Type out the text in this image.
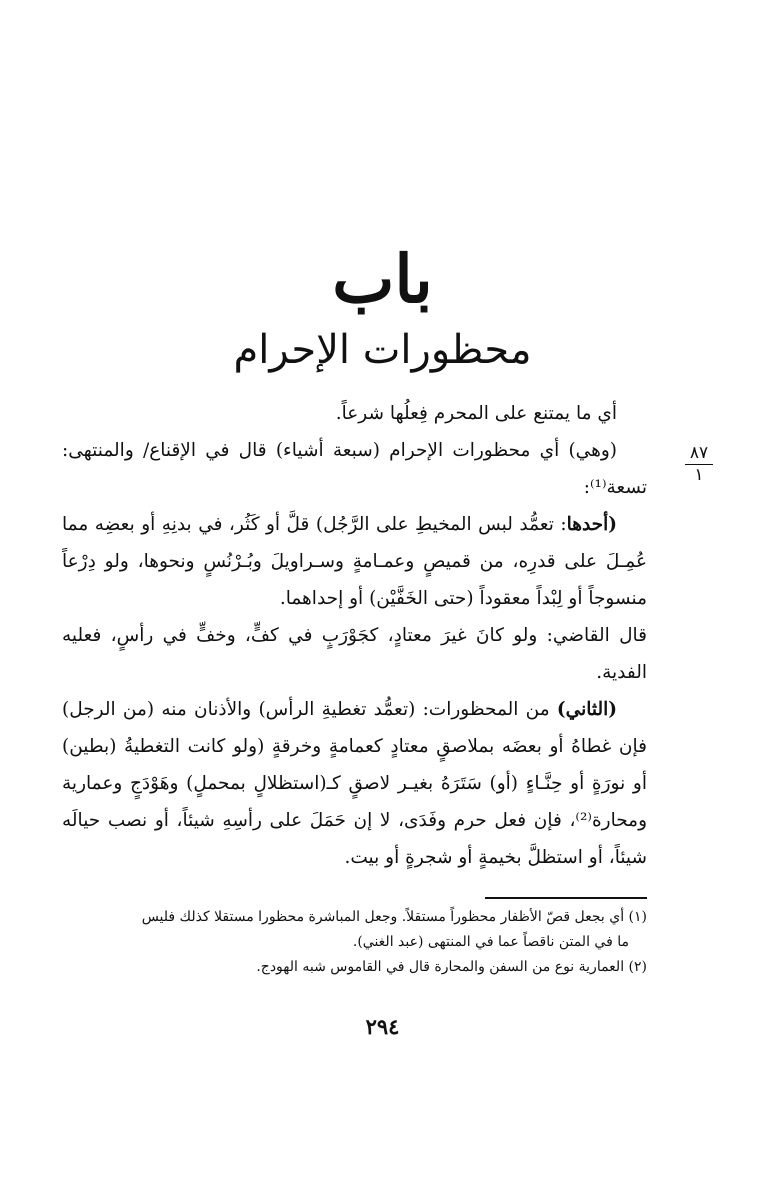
باب
محظورات الإحرام
٨٧
١

أي ما يمتنع على المحرم فِعلُها شرعاً.

(وهي) أي محظورات الإحرام (سبعة أشياء) قال في الإقناع/ والمنتهى: تسعة⁽¹⁾:

(أحدها: تعمُّد لبس المخيطِ على الرَّجُل) قلَّ أو كَثُر، في بدنِهِ أو بعضِه مما عُمِـلَ على قدرِه، من قميصٍ وعمـامةٍ وسـراويلَ وبُـرْنُسٍ ونحوها، ولو دِرْعاً منسوجاً أو لِبْداً معقوداً (حتى الخَفَّيْن) أو إحداهما.

قال القاضي: ولو كانَ غيرَ معتادٍ، كجَوْرَبٍ في كفٍّ، وخفٍّ في رأسٍ، فعليه الفدية.

(الثاني) من المحظورات: (تعمُّد تغطيةِ الرأس) والأذنان منه (من الرجل) فإن غطاهُ أو بعضَه بملاصقٍ معتادٍ كعمامةٍ وخرقةٍ (ولو كانت التغطيةُ (بطين) أو نورَةٍ أو حِنَّـاءٍ (أو) سَتَرَهُ بغيـر لاصقٍ كـ(استظلالٍ بمحملٍ) وهَوْدَجٍ وعمارية ومحارة⁽²⁾، فإن فعل حرم وفَدَى، لا إن حَمَلَ على رأسِهِ شيئاً، أو نصب حيالَه شيئاً، أو استظلَّ بخيمةٍ أو شجرةٍ أو بيت.

(١) أي بجعل قصّ الأظفار محظوراً مستقلاً. وجعل المباشرة محظورا مستقلا كذلك فليس

ما في المتن ناقصاً عما في المنتهى (عبد الغني).

(٢) العمارية نوع من السفن والمحارة قال في القاموس شبه الهودج.

٢٩٤
